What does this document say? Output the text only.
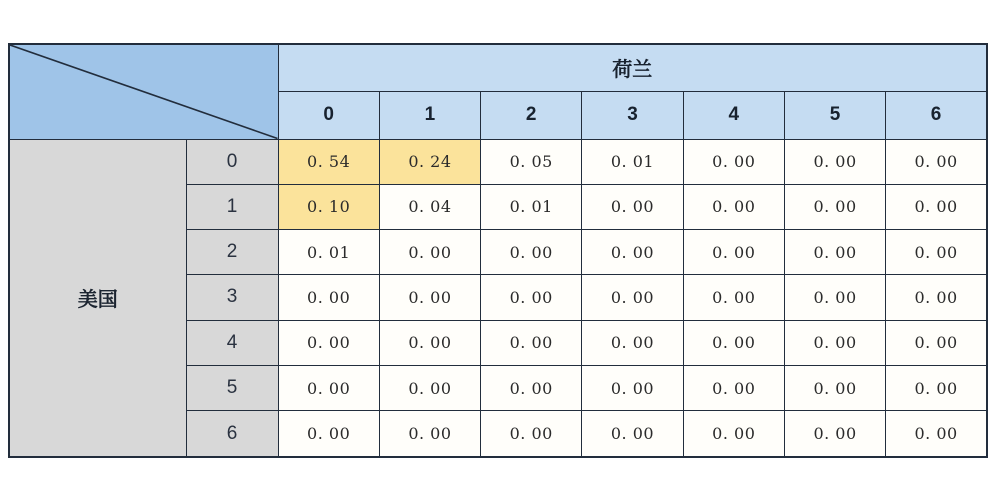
	荷兰						
		0	1	2	3	4	5	6
美国	0	0. 54	0. 24	0. 05	0. 01	0. 00	0. 00	0. 00
	1	0. 10	0. 04	0. 01	0. 00	0. 00	0. 00	0. 00
	2	0. 01	0. 00	0. 00	0. 00	0. 00	0. 00	0. 00
	3	0. 00	0. 00	0. 00	0. 00	0. 00	0. 00	0. 00
	4	0. 00	0. 00	0. 00	0. 00	0. 00	0. 00	0. 00
	5	0. 00	0. 00	0. 00	0. 00	0. 00	0. 00	0. 00
	6	0. 00	0. 00	0. 00	0. 00	0. 00	0. 00	0. 00
